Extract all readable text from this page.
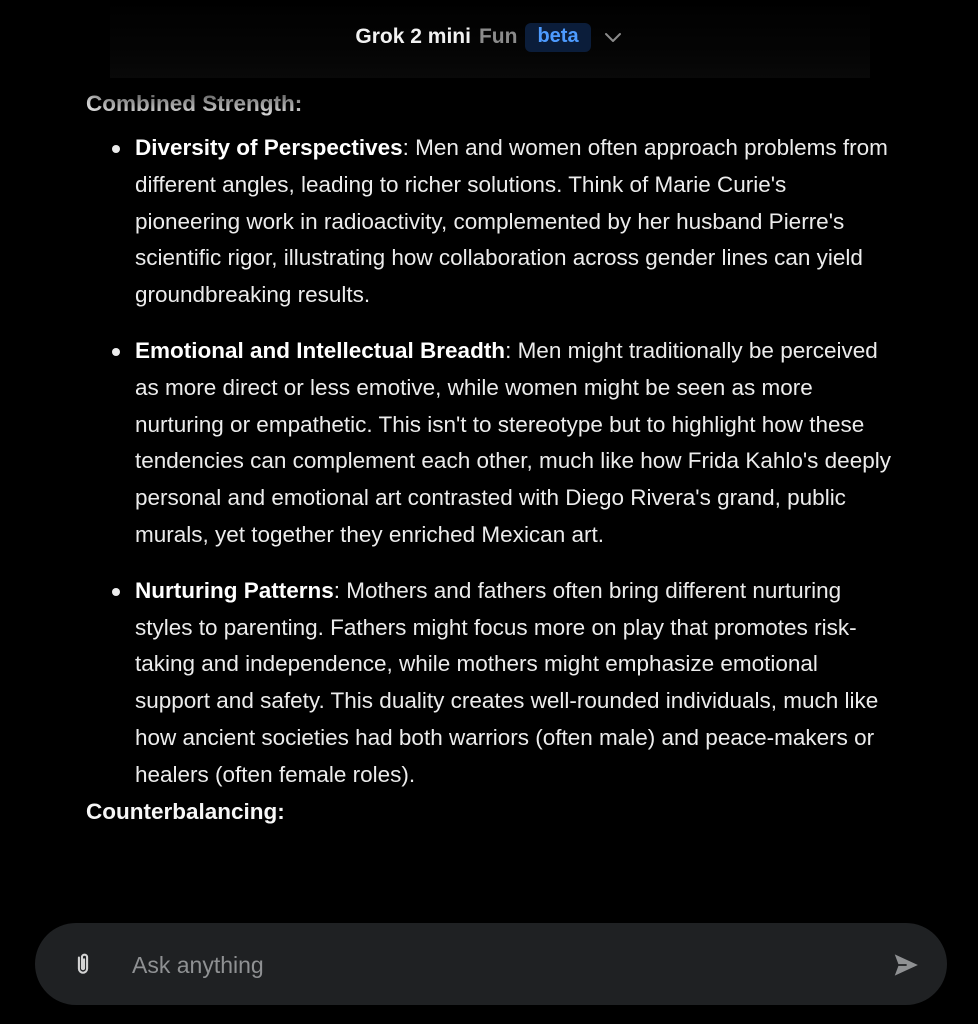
Grok 2 mini Fun	beta

Combined Strength:

Diversity of Perspectives: Men and women often approach problems from different angles, leading to richer solutions. Think of Marie Curie's pioneering work in radioactivity, complemented by her husband Pierre's scientific rigor, illustrating how collaboration across gender lines can yield groundbreaking results.
Emotional and Intellectual Breadth: Men might traditionally be perceived as more direct or less emotive, while women might be seen as more nurturing or empathetic. This isn't to stereotype but to highlight how these tendencies can complement each other, much like how Frida Kahlo's deeply personal and emotional art contrasted with Diego Rivera's grand, public murals, yet together they enriched Mexican art.
Nurturing Patterns: Mothers and fathers often bring different nurturing styles to parenting. Fathers might focus more on play that promotes risk-taking and independence, while mothers might emphasize emotional support and safety. This duality creates well-rounded individuals, much like how ancient societies had both warriors (often male) and peace-makers or healers (often female roles).

Counterbalancing:

Ask anything
